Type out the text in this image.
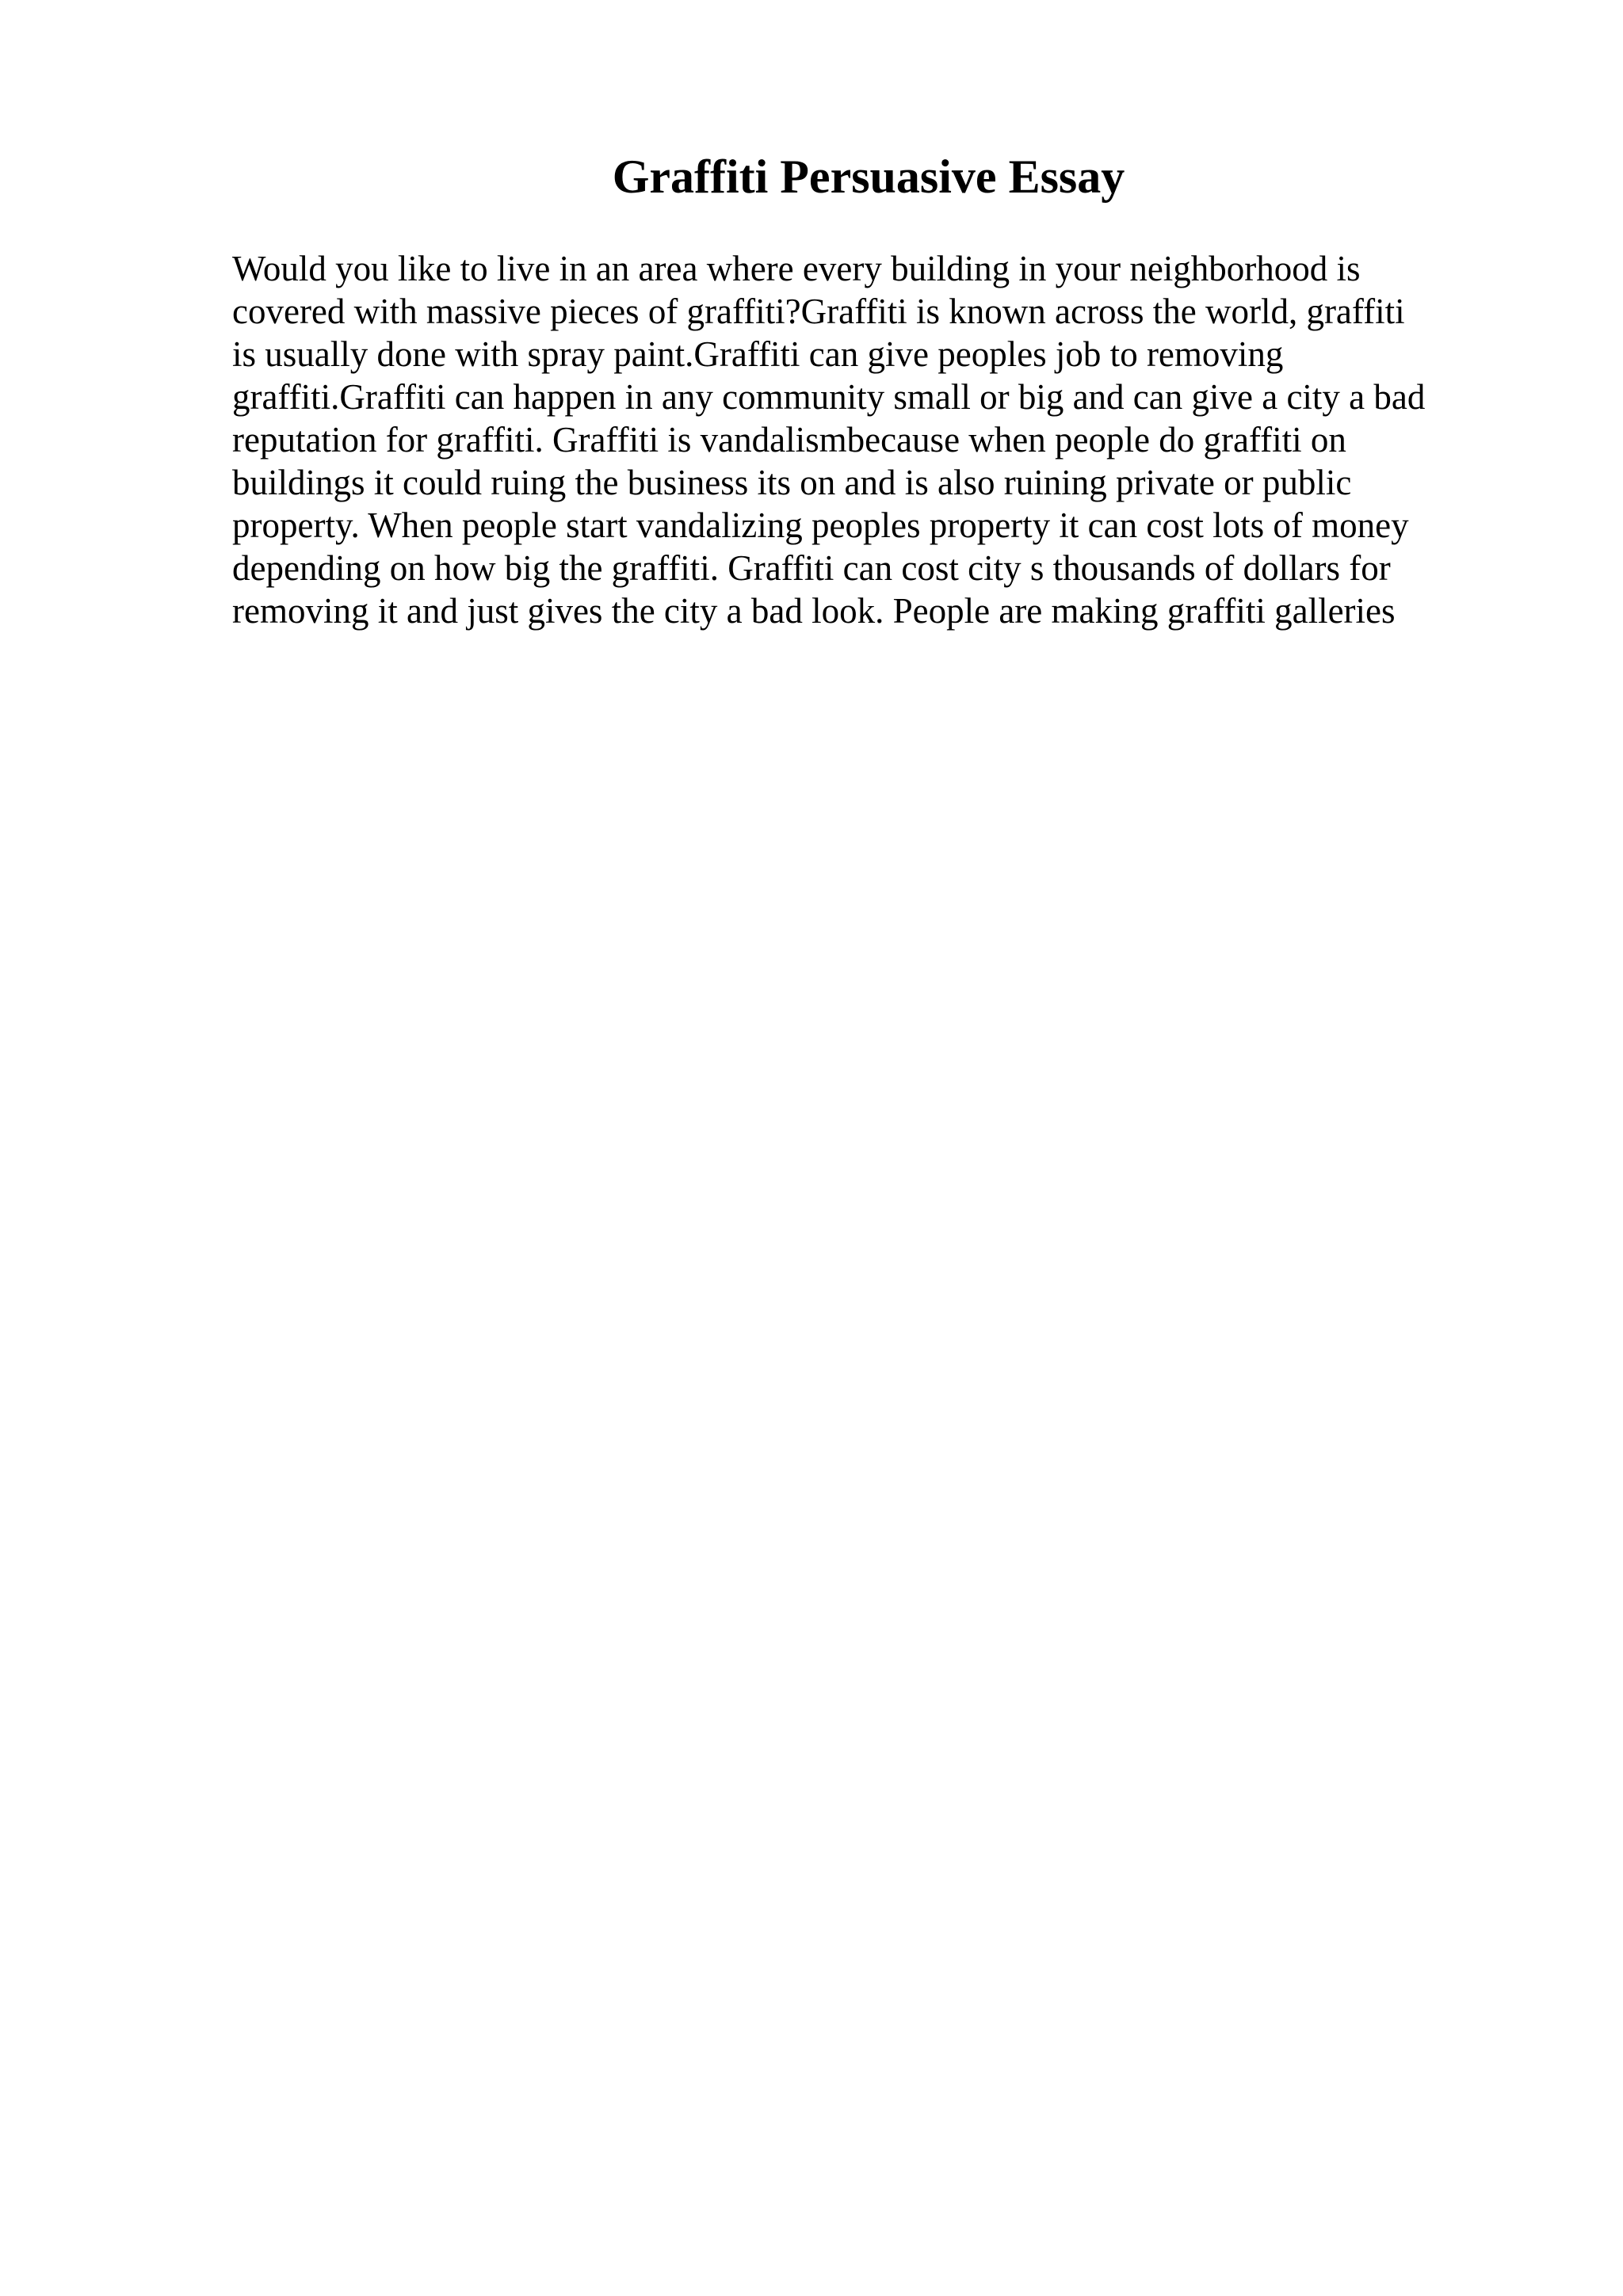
Graffiti Persuasive Essay
Would you like to live in an area where every building in your neighborhood is
covered with massive pieces of graffiti?Graffiti is known across the world, graffiti
is usually done with spray paint.Graffiti can give peoples job to removing
graffiti.Graffiti can happen in any community small or big and can give a city a bad
reputation for graffiti. Graffiti is vandalismbecause when people do graffiti on
buildings it could ruing the business its on and is also ruining private or public
property. When people start vandalizing peoples property it can cost lots of money
depending on how big the graffiti. Graffiti can cost city s thousands of dollars for
removing it and just gives the city a bad look. People are making graffiti galleries
